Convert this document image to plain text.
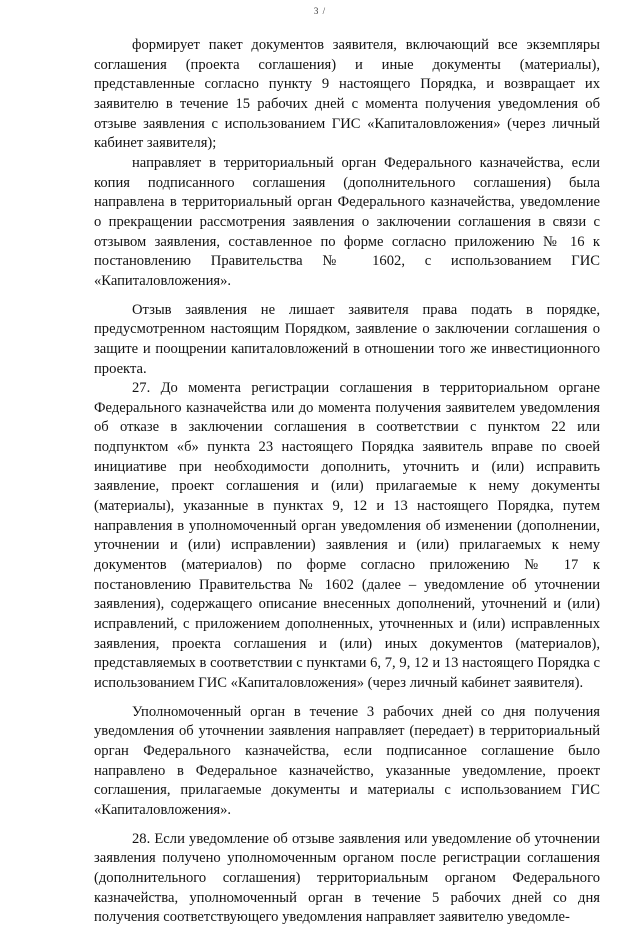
3 /

формирует пакет документов заявителя, включающий все экземпляры соглашения (проекта соглашения) и иные документы (материалы), представленные согласно пункту 9 настоящего Порядка, и возвращает их заявителю в течение 15 рабочих дней с момента получения уведомления об отзыве заявления с использованием ГИС «Капиталовложения» (через личный кабинет заявителя);

направляет в территориальный орган Федерального казначейства, если копия подписанного соглашения (дополнительного соглашения) была направлена в территориальный орган Федерального казначейства, уведомление о прекращении рассмотрения заявления о заключении соглашения в связи с отзывом заявления, составленное по форме согласно приложению № 16 к постановлению Правительства № 1602, с использованием ГИС «Капиталовложения».

Отзыв заявления не лишает заявителя права подать в порядке, предусмотренном настоящим Порядком, заявление о заключении соглашения о защите и поощрении капиталовложений в отношении того же инвестиционного проекта.

27. До момента регистрации соглашения в территориальном органе Федерального казначейства или до момента получения заявителем уведомления об отказе в заключении соглашения в соответствии с пунктом 22 или подпунктом «б» пункта 23 настоящего Порядка заявитель вправе по своей инициативе при необходимости дополнить, уточнить и (или) исправить заявление, проект соглашения и (или) прилагаемые к нему документы (материалы), указанные в пунктах 9, 12 и 13 настоящего Порядка, путем направления в уполномоченный орган уведомления об изменении (дополнении, уточнении и (или) исправлении) заявления и (или) прилагаемых к нему документов (материалов) по форме согласно приложению № 17 к постановлению Правительства № 1602 (далее – уведомление об уточнении заявления), содержащего описание внесенных дополнений, уточнений и (или) исправлений, с приложением дополненных, уточненных и (или) исправленных заявления, проекта соглашения и (или) иных документов (материалов), представляемых в соответствии с пунктами 6, 7, 9, 12 и 13 настоящего Порядка с использованием ГИС «Капиталовложения» (через личный кабинет заявителя).

Уполномоченный орган в течение 3 рабочих дней со дня получения уведомления об уточнении заявления направляет (передает) в территориальный орган Федерального казначейства, если подписанное соглашение было направлено в Федеральное казначейство, указанные уведомление, проект соглашения, прилагаемые документы и материалы с использованием ГИС «Капиталовложения».

28. Если уведомление об отзыве заявления или уведомление об уточнении заявления получено уполномоченным органом после регистрации соглашения (дополнительного соглашения) территориальным органом Федерального казначейства, уполномоченный орган в течение 5 рабочих дней со дня получения соответствующего уведомления направляет заявителю уведомле-
